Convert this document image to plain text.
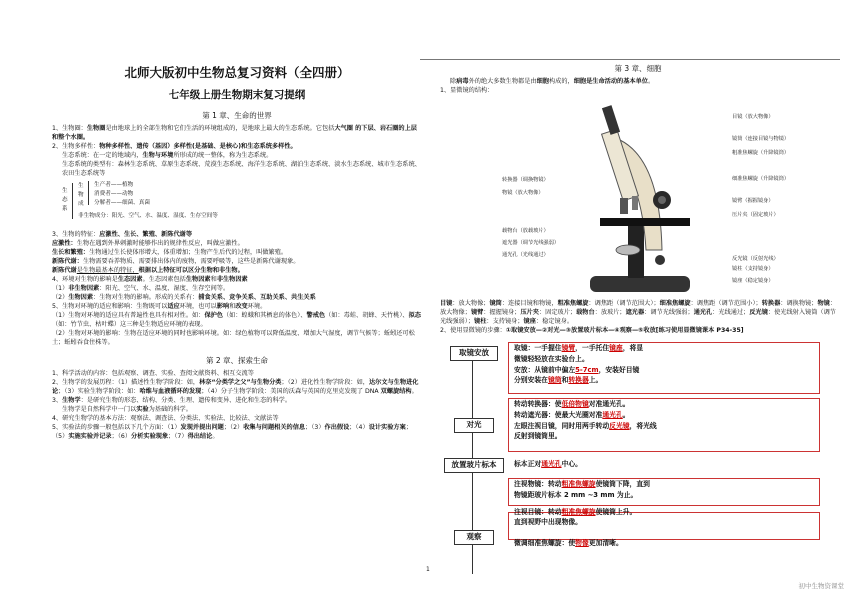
北师大版初中生物总复习资料（全四册）
七年级上册生物期末复习提纲
第 1 章、生命的世界

1、生物圈：生物圈是由地球上的全部生物和它们生活的环境组成的，是地球上最大的生态系统。它包括大气圈 的下层、岩石圈的上层和整个水圈。

2、生物多样性：物种多样性、遗传（基因）多样性(是基础、是核心)和生态系统多样性。

生态系统：在一定的地域内，生物与环境所形成的统一整体，称为生态系统。

生态系统的类型有：森林生态系统、草原生态系统、荒漠生态系统、海洋生态系统、湖泊生态系统、淡水生态系统、城市生态系统、农田生态系统等

生
态
系
生
物
成
生产者——植物
消费者——动物
分解者——细菌、真菌
非生物成分：阳光、空气、水、温度、湿度、生存空间等

3、生物的特征：应激性、生长、繁殖、新陈代谢等

应激性：生物在遇到外界刺激时能够作出的规律性反应，叫做应激性。

生长和繁殖：生物通过生长使体形增大，体重增加；生物产生后代的过程，叫做繁殖。

新陈代谢：生物需要吞养物质、需要排出体内的废物，需要呼吸等，这些是新陈代谢现象。

新陈代谢是生物最基本的特征，根据以上特征可以区分生物和非生物。

4、环境对生物的影响是生态因素。生态因素包括生物因素和非生物因素

（1）非生物因素：阳光、空气、水、温度、湿度、生存空间等。

（2）生物因素：生物对生物的影响。形成的关系有：捕食关系、竞争关系、互助关系、共生关系

5、生物对环境的适应和影响：生物既可以适应环境，也可以影响和改变环境。

（1）生物对环境的适应具有普遍性也具有相对性。如：保护色（如：蝗蛾和其栖息的体色）、警戒色（如：毒蛙、胡蜂、天竹桃）、拟态（如：竹节虫、枯叶蝶）这三种是生物适应环境的表现。

（2）生物对环境的影响：生物在适应环境的同时也影响环境。如：绿色植物可以降低温度、增加大气湿度，调节气候等；蚯蚓还可松土；蚯蚓吞食住株等。

第 2 章、探索生命

1、科学活动的内容：包括观察、调查、实验、查阅文献资料、相互交流等

2、生物学的发展历程：（1）描述性生物学阶段：如，林奈“分类学之父”与生物分类；（2）进化性生物学阶段：如，达尔文与生物进化论；（3）实验生物学阶段：如：哈维与血液循环的发现；（4）分子生物学阶段：美国的沃森与英国的克里克发现了 DNA 双螺旋结构。

3、生物学：是研究生物的形态、结构、分类、生理、遗传和变异、进化和生态的科学。

生物学是自然科学中一门以实验为基础的科学。

4、研究生物学的基本方法：观察法、调查法、分类法、实验法、比较法、文献法等

5、实验法的步骤一般包括以下几个方面：（1）发现并提出问题；（2）收集与问题相关的信息；（3）作出假设；（4）设计实验方案；（5）实施实验并记录；（6）分析实验现象；（7）得出结论。

第 3 章、细胞

除病毒外的绝大多数生物都是由细胞构成的，细胞是生命活动的基本单位。

1、显微镜的结构：

转换器（调换物镜）
物镜（放大物像）
载物台（放载玻片）
遮光器（调节光线强弱）
通光孔（光线通过）
目镜（放大物像）
镜筒（连接目镜与物镜）
粗准焦螺旋（升降镜筒）
细准焦螺旋（升降镜筒）
镜臂（握握镜身）
压片夹（固定玻片）
反光镜（反射光线）
镜柱（支持镜身）
镜座（稳定镜身）

目镜：放大物像；镜筒：连接目镜和物镜，粗准焦螺旋：调焦距（调节范围大）；细准焦螺旋：调焦距（调节范围小）；转换器：调换物镜；物镜：放大物像；镜臂：握握镜身；压片夹：固定玻片；载物台：放玻片；遮光器：调节光线强弱；通光孔：光线通过；反光镜：使光线射入镜筒（调节光线强弱）；镜柱：支持镜身；镜座：稳定镜身。

2、使用显微镜的步骤：①取镜安放—②对光—③放置玻片标本—④观察—⑤收放[练习使用显微镜课本 P34-35]

取镜安放	取镜：一手握住镜臂，一手托住镜座，将显
微镜轻轻放在实验台上。
安放：从镜前中偏左5-7cm，安装好目镜
分别安装在镜筒和转换器上。
对光
转动转换器：使低倍物镜对准通光孔。
转动遮光器：使最大光圈对准通光孔。
左眼注视目镜，同时用两手转动反光镜，将光线
反射到镜筒里。
放置玻片标本	标本正对通光孔中心。
观察
注视物镜：转动粗准焦螺旋使镜筒下降，直到
物镜距玻片标本 2 mm ~3 mm 为止。
注视目镜：转动粗准焦螺旋使镜筒上升。
直到视野中出现物像。
微调细准焦螺旋：使物像更加清晰。
1
初中生物资课堂
